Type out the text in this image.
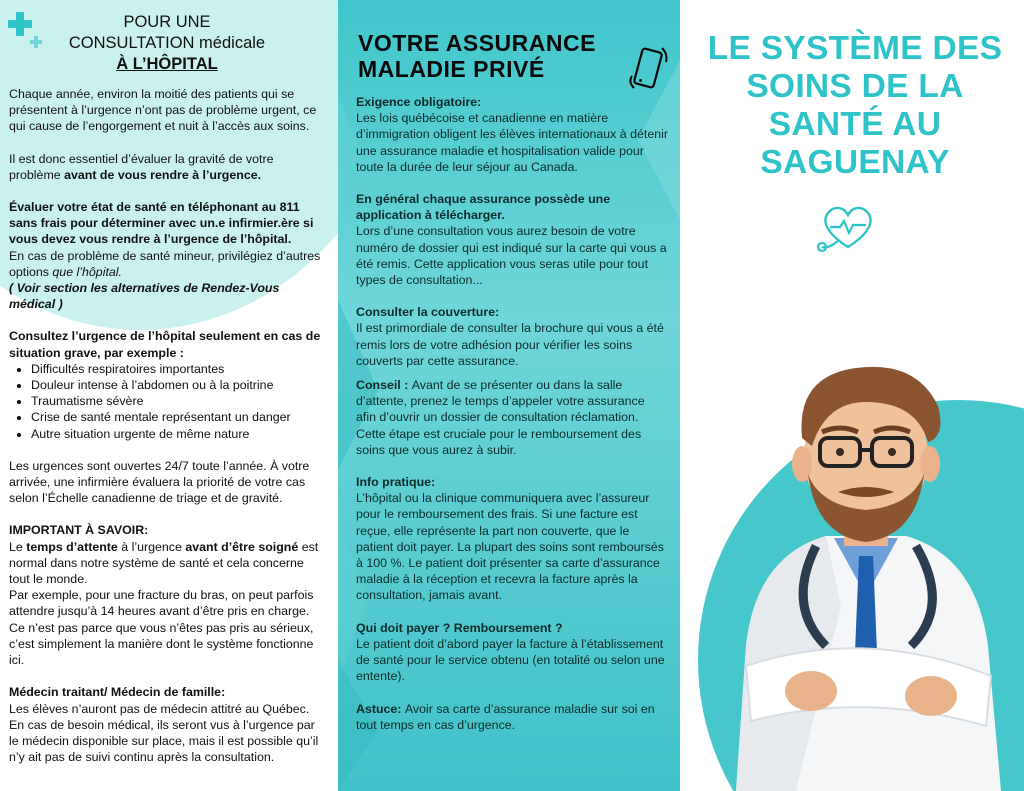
POUR UNE
CONSULTATION médicale
À L’HÔPITAL

Chaque année, environ la moitié des patients qui se présentent à l’urgence n’ont pas de problème urgent, ce qui cause de l’engorgement et nuit à l’accès aux soins.

Il est donc essentiel d’évaluer la gravité de votre problème avant de vous rendre à l’urgence.

Évaluer votre état de santé en téléphonant au 811 sans frais pour déterminer avec un.e infirmier.ère si vous devez vous rendre à l’urgence de l’hôpital.

En cas de problème de santé mineur, privilégiez d’autres options que l’hôpital.

( Voir section les alternatives de Rendez-Vous médical )

Consultez l’urgence de l’hôpital seulement en cas de situation grave, par exemple :

• Difficultés respiratoires importantes
• Douleur intense à l’abdomen ou à la poitrine
• Traumatisme sévère
• Crise de santé mentale représentant un danger
• Autre situation urgente de même nature

Les urgences sont ouvertes 24/7 toute l’année. À votre arrivée, une infirmière évaluera la priorité de votre cas selon l’Échelle canadienne de triage et de gravité.

IMPORTANT À SAVOIR:

Le temps d’attente à l’urgence avant d’être soigné est normal dans notre système de santé et cela concerne tout le monde.

Par exemple, pour une fracture du bras, on peut parfois attendre jusqu’à 14 heures avant d’être pris en charge. Ce n’est pas parce que vous n’êtes pas pris au sérieux, c’est simplement la manière dont le système fonctionne ici.

Médecin traitant/ Médecin de famille:

Les élèves n’auront pas de médecin attitré au Québec. En cas de besoin médical, ils seront vus à l’urgence par le médecin disponible sur place, mais il est possible qu’il n’y ait pas de suivi continu après la consultation.

VOTRE ASSURANCE MALADIE PRIVÉ

Exigence obligatoire:

Les lois québécoise et canadienne en matière d’immigration obligent les élèves internationaux à détenir une assurance maladie et hospitalisation valide pour toute la durée de leur séjour au Canada.

En général chaque assurance possède une application à télécharger.

Lors d’une consultation vous aurez besoin de votre numéro de dossier qui est indiqué sur la carte qui vous a été remis. Cette application vous seras utile pour tout types de consultation...

Consulter la couverture:

Il est primordiale de consulter la brochure qui vous a été remis lors de votre adhésion pour vérifier les soins couverts par cette assurance.

Conseil : Avant de se présenter ou dans la salle d’attente, prenez le temps d’appeler votre assurance afin d’ouvrir un dossier de consultation réclamation. Cette étape est cruciale pour le remboursement des soins que vous aurez à subir.

Info pratique:

L’hôpital ou la clinique communiquera avec l’assureur pour le remboursement des frais. Si une facture est reçue, elle représente la part non couverte, que le patient doit payer. La plupart des soins sont remboursés à 100 %. Le patient doit présenter sa carte d’assurance maladie à la réception et recevra la facture après la consultation, jamais avant.

Qui doit payer ? Remboursement ?

Le patient doit d’abord payer la facture à l’établissement de santé pour le service obtenu (en totalité ou selon une entente).

Astuce: Avoir sa carte d’assurance maladie sur soi en tout temps en cas d’urgence.

LE SYSTÈME DES SOINS DE LA SANTÉ AU SAGUENAY
